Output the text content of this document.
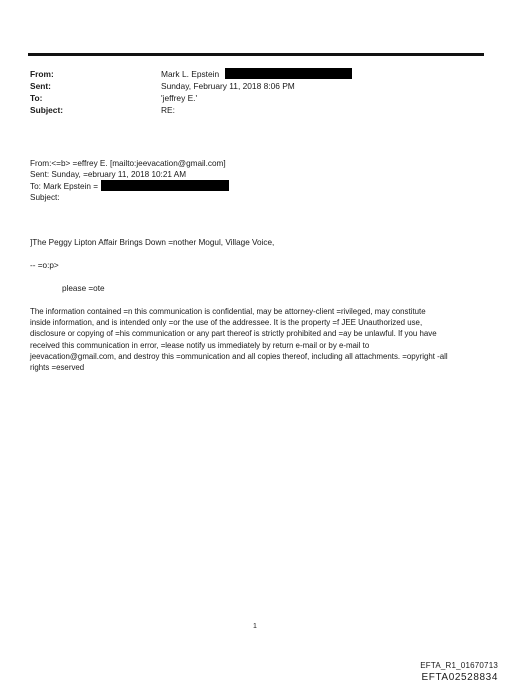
From:	Mark L. Epstein
Sent:	Sunday, February 11, 2018 8:06 PM
To:	'jeffrey E.'
Subject:	RE:
From:<=b> =effrey E. [mailto:jeevacation@gmail.com]
Sent: Sunday, =ebruary 11, 2018 10:21 AM
To: Mark Epstein =
Subject:
]The Peggy Lipton Affair Brings Down =nother Mogul, Village Voice,
-- =o:p>
please =ote
The information contained =n this communication is confidential, may be attorney-client =rivileged, may constitute
inside information, and is intended only =or the use of the addressee. It is the property =f JEE Unauthorized use,
disclosure or copying of =his communication or any part thereof is strictly prohibited and =ay be unlawful. If you have
received this communication in error, =lease notify us immediately by return e-mail or by e-mail to
jeevacation@gmail.com, and destroy this =ommunication and all copies thereof, including all attachments. =opyright -all
rights =eserved
1
EFTA_R1_01670713
EFTA02528834
